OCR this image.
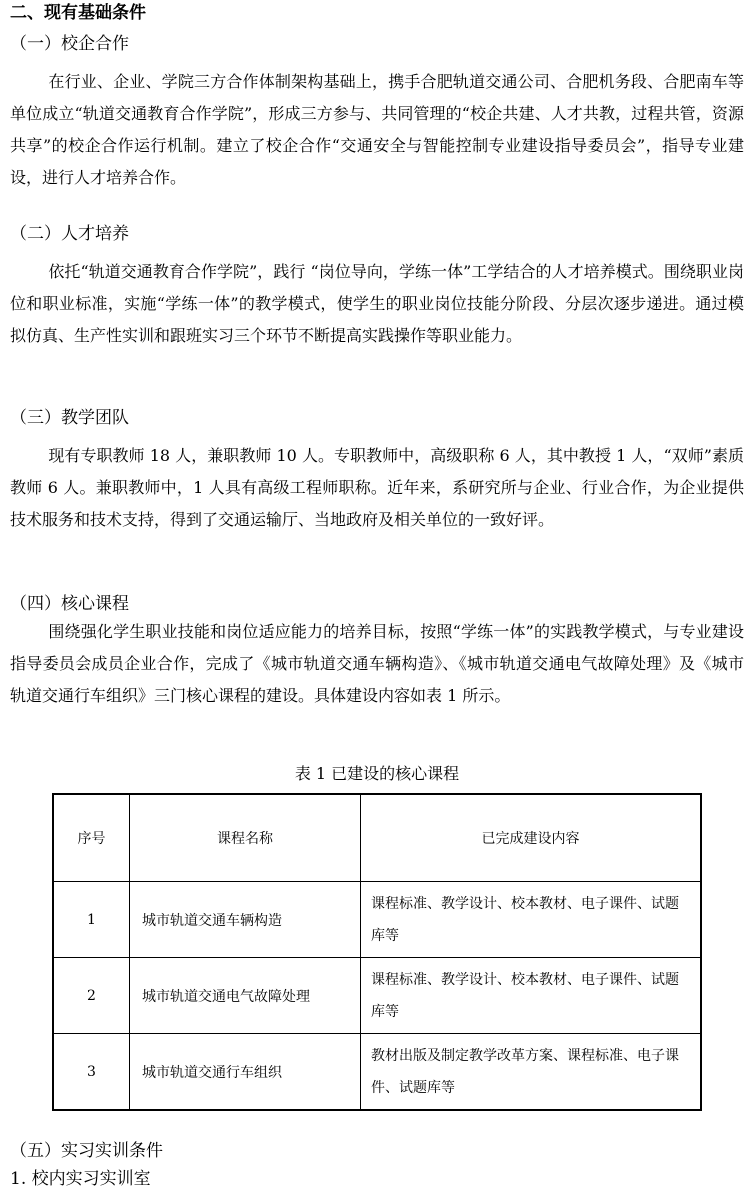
二、现有基础条件
（一）校企合作
在行业、企业、学院三方合作体制架构基础上，携手合肥轨道交通公司、合肥机务段、合肥南车等单位成立“轨道交通教育合作学院”，形成三方参与、共同管理的“校企共建、人才共教，过程共管，资源共享”的校企合作运行机制。建立了校企合作“交通安全与智能控制专业建设指导委员会”，指导专业建设，进行人才培养合作。
（二）人才培养
依托“轨道交通教育合作学院”，践行 “岗位导向，学练一体”工学结合的人才培养模式。围绕职业岗位和职业标准，实施“学练一体”的教学模式，使学生的职业岗位技能分阶段、分层次逐步递进。通过模拟仿真、生产性实训和跟班实习三个环节不断提高实践操作等职业能力。
（三）教学团队
现有专职教师 18 人，兼职教师 10 人。专职教师中，高级职称 6 人，其中教授 1 人，“双师”素质教师 6 人。兼职教师中，1 人具有高级工程师职称。近年来，系研究所与企业、行业合作，为企业提供技术服务和技术支持，得到了交通运输厅、当地政府及相关单位的一致好评。
（四）核心课程
围绕强化学生职业技能和岗位适应能力的培养目标，按照“学练一体”的实践教学模式，与专业建设指导委员会成员企业合作，完成了《城市轨道交通车辆构造》、《城市轨道交通电气故障处理》及《城市轨道交通行车组织》三门核心课程的建设。具体建设内容如表 1 所示。
表 1 已建设的核心课程
序号	课程名称	已完成建设内容
1	城市轨道交通车辆构造	课程标准、教学设计、校本教材、电子课件、试题库等
2	城市轨道交通电气故障处理	课程标准、教学设计、校本教材、电子课件、试题库等
3	城市轨道交通行车组织	教材出版及制定教学改革方案、课程标准、电子课件、试题库等
（五）实习实训条件
1. 校内实习实训室
